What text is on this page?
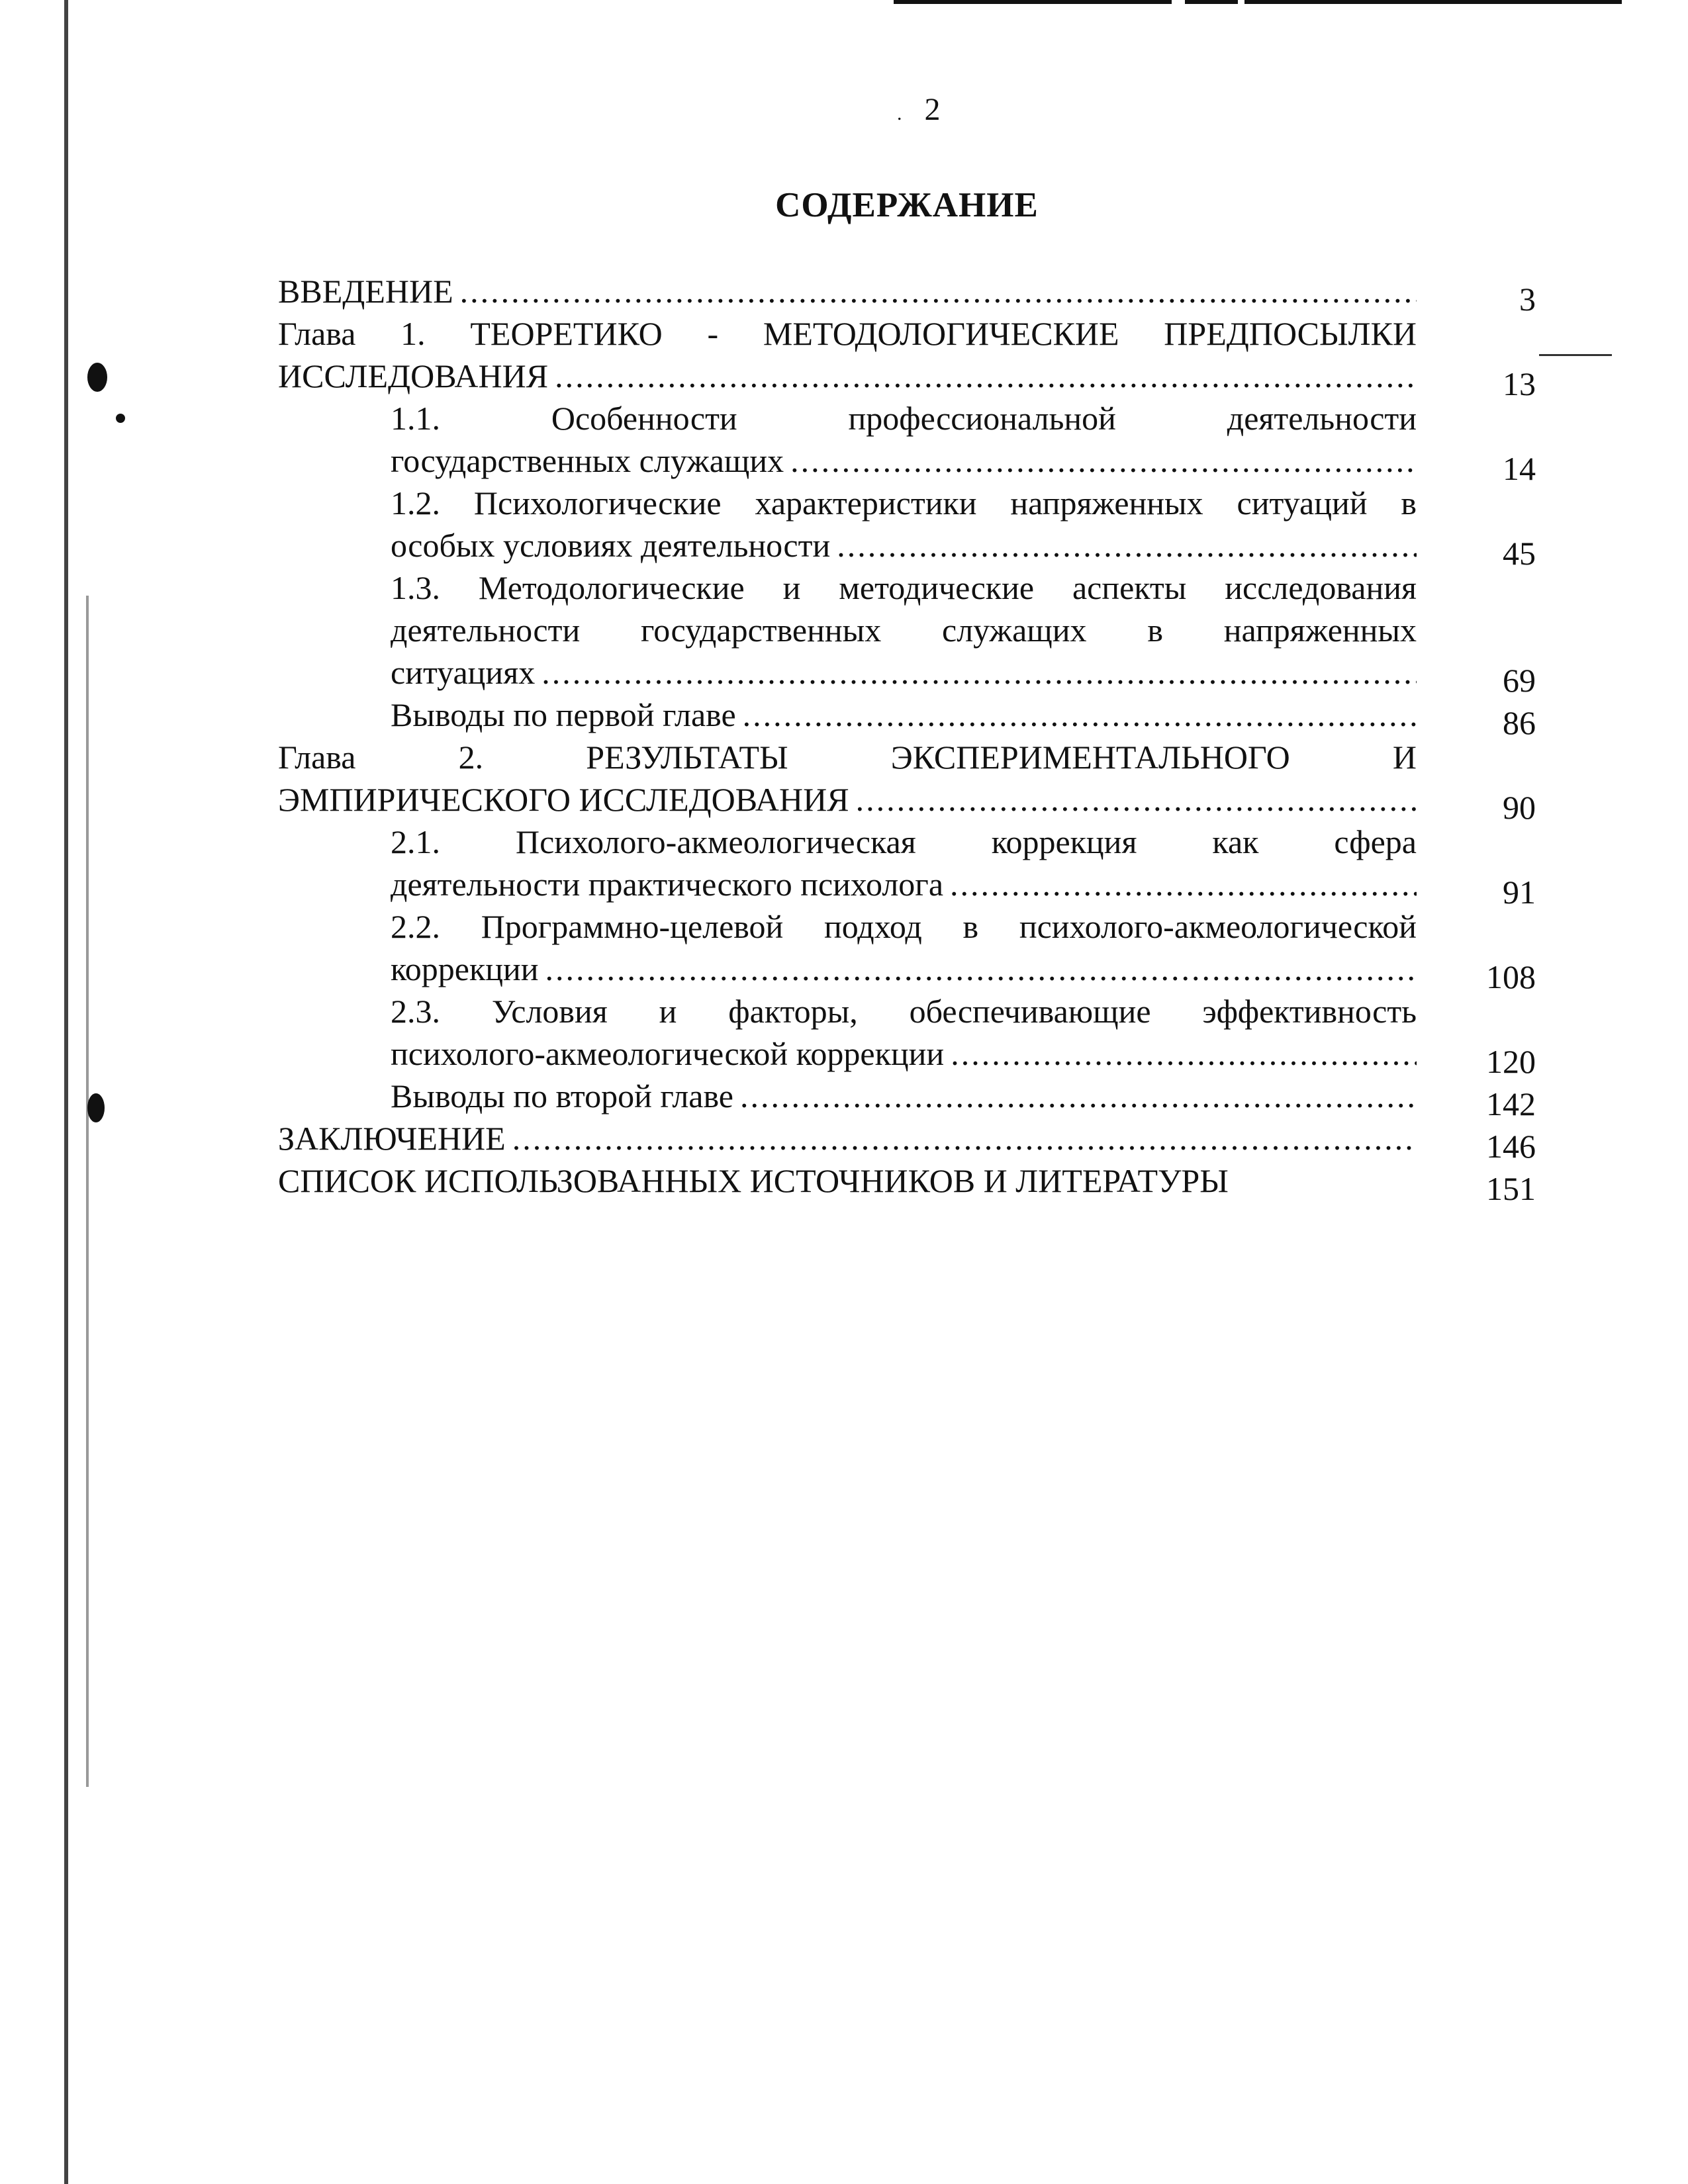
. 2
СОДЕРЖАНИЕ
ВВЕДЕНИЕ .....	3
Глава 1. ТЕОРЕТИКО - МЕТОДОЛОГИЧЕСКИЕ ПРЕДПОСЫЛКИ
ИССЛЕДОВАНИЯ .....	13
1.1. Особенности профессиональной деятельности
государственных служащих .....	14
1.2. Психологические характеристики напряженных ситуаций в
особых условиях деятельности .....	45
1.3. Методологические и методические аспекты исследования
деятельности государственных служащих в напряженных
ситуациях .....	69
Выводы по первой главе .....	86
Глава 2. РЕЗУЛЬТАТЫ ЭКСПЕРИМЕНТАЛЬНОГО И
ЭМПИРИЧЕСКОГО ИССЛЕДОВАНИЯ .....	90
2.1. Психолого-акмеологическая коррекция как сфера
деятельности практического психолога .....	91
2.2. Программно-целевой подход в психолого-акмеологической
коррекции .....	108
2.3. Условия и факторы, обеспечивающие эффективность
психолого-акмеологической коррекции .....	120
Выводы по второй главе .....	142
ЗАКЛЮЧЕНИЕ .....	146
СПИСОК ИСПОЛЬЗОВАННЫХ ИСТОЧНИКОВ И ЛИТЕРАТУРЫ	151
